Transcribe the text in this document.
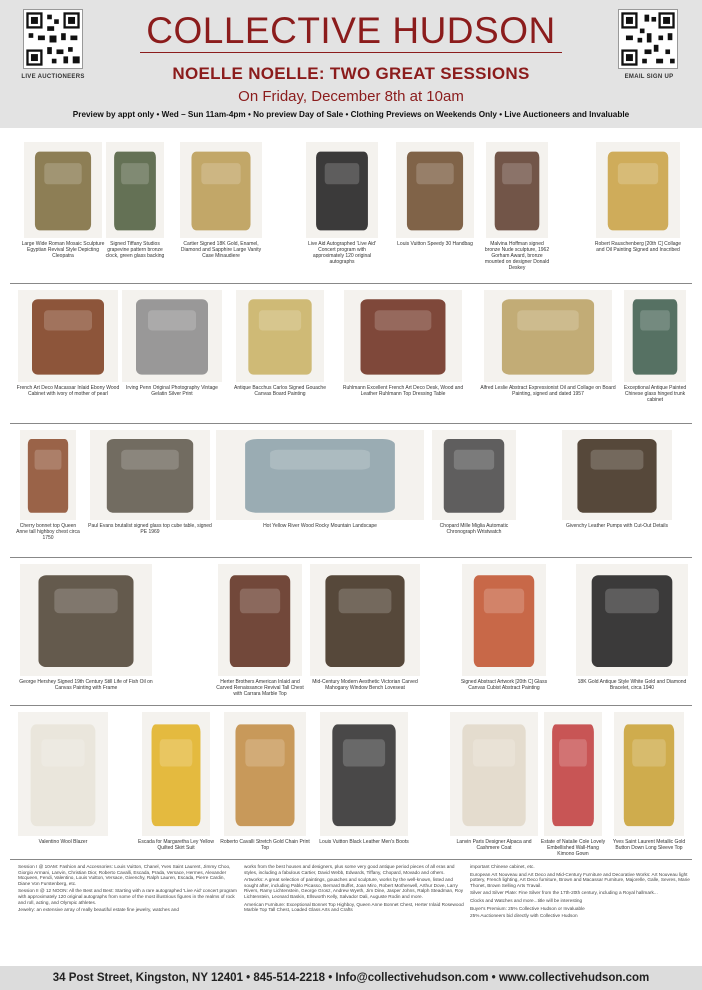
LIVE AUCTIONEERS	EMAIL SIGN UP
COLLECTIVE HUDSON
NOELLE NOELLE: TWO GREAT SESSIONS
On Friday, December 8th at 10am
Preview by appt only • Wed – Sun 11am-4pm • No preview Day of Sale • Clothing Previews on Weekends Only • Live Auctioneers and Invaluable
Large Wide Roman Mosaic Sculpture Egyptian Revival Style Depicting Cleopatra
Signed Tiffany Studios grapevine pattern bronze clock, green glass backing
Cartier Signed 18K Gold, Enamel, Diamond and Sapphire Large Vanity Case Minaudiere
Live Aid Autographed 'Live Aid' Concert program with approximately 120 original autographs
Louis Vuitton Speedy 30 Handbag	Malvina Hoffman signed bronze Nude sculpture, 1962 Gorham Award, bronze mounted on designer Donald Deskey
Robert Rauschenberg [20th C] Collage and Oil Painting Signed and Inscribed
French Art Deco Macassar Inlaid Ebony Wood Cabinet with ivory of mother of pearl
Irving Penn Original Photography Vintage Gelatin Silver Print
Antique Bacchus Carlos Signed Gouache Canvas Board Painting
Ruhlmann Excellent French Art Deco Desk, Wood and Leather Ruhlmann Top Dressing Table
Alfred Leslie Abstract Expressionist Oil and Collage on Board Painting, signed and dated 1957
Exceptional Antique Painted Chinese glass hinged trunk cabinet
Cherry bonnet top Queen Anne tall highboy chest circa 1750
Paul Evans brutalist signed glass top cube table, signed PE 1969
Hot Yellow River Wood Rocky Mountain Landscape	Chopard Mille Miglia Automatic Chronograph Wristwatch
Givenchy Leather Pumps with Cut-Out Details
George Hershey Signed 19th Century Still Life of Fish Oil on Canvas Painting with Frame
Herter Brothers American Inlaid and Carved Renaissance Revival Tall Chest with Carrara Marble Top
Mid-Century Modern Aesthetic Victorian Carved Mahogany Window Bench Loveseat
Signed Abstract Artwork [20th C] Glass Canvas Cubist Abstract Painting
18K Gold Antique Style White Gold and Diamond Bracelet, circa 1940
Valentino Wool Blazer	Escada for Margaretha Ley Yellow Quilted Skirt Suit
Roberto Cavalli Stretch Gold Chain Print Top
Louis Vuitton Black Leather Men's Boots	Lanvin Paris Designer Alpaca and Cashmere Coat
Estate of Natalie Cole Lovely Embellished Wall-Hang Kimono Gown
Yves Saint Laurent Metallic Gold Button Down Long Sleeve Top

Session I @ 10AM: Fashion and Accessories: Louis Vuitton, Chanel, Yves Saint Laurent, Jimmy Choo, Giorgio Armani, Lanvin, Christian Dior, Roberto Cavalli, Escada, Prada, Versace, Hermes, Alexander Mcqueen, Fendi, Valentino, Louis Vuitton, Versace, Givenchy, Ralph Lauren, Escada, Pierre Cardin, Diane Von Furstenberg, etc.

Session II @ 12 NOON: All the Best and Best: Starting with a rare autographed 'Live Aid' concert program with approximately 120 original autographs from some of the most illustrious figures in the realms of rock and roll, acting, and Olympic athletes.

Jewelry: an extensive array of really beautiful estate fine jewelry, watches and

works from the best houses and designers, plus some very good antique period pieces of all eras and styles, including a fabulous Cartier, David Webb, Edwards, Tiffany, Chopard, Movado and others.

Artworks: A great selection of paintings, gouaches and sculpture, works by the well-known, listed and sought after, including Pablo Picasso, Bernard Buffet, Joan Miro, Robert Motherwell, Arthur Dove, Larry Rivers, Ramy Lichtenstein, George Grosz, Andrew Wyeth, Jim Dine, Jasper Johns, Ralph Steadman, Roy Lichtenstein, Leonard Baskin, Ellsworth Kelly, Salvador Dali, Auguste Rodin and more.

American Furniture: Exceptional Bonnet Top Highboy, Queen Anne Bonnet Chest, Herter Inlaid Rosewood Marble Top Tall Chest, Loaded Glass Arts and Crafts

important Chinese cabinet, etc.

European Art Nouveau and Art Deco and Mid-Century Furniture and Decorative Works: Art Nouveau light pottery, French lighting, Art Deco furniture, Brown and Macassar Furniture, Majorelle, Galle, Sevres, Marie Thonet, Brown Selling Arts Travail.

Silver and Silver Plate: Fine Silver from the 17th-20th century, including a Royal hallmark...

Clocks and Watches and more...title will be interesting

Buyer's Premium: 25% Collective Hudson or Invaluable

25% Auctioneers bid directly with Collective Hudson

34 Post Street, Kingston, NY 12401 • 845-514-2218 • Info@collectivehudson.com • www.collectivehudson.com
